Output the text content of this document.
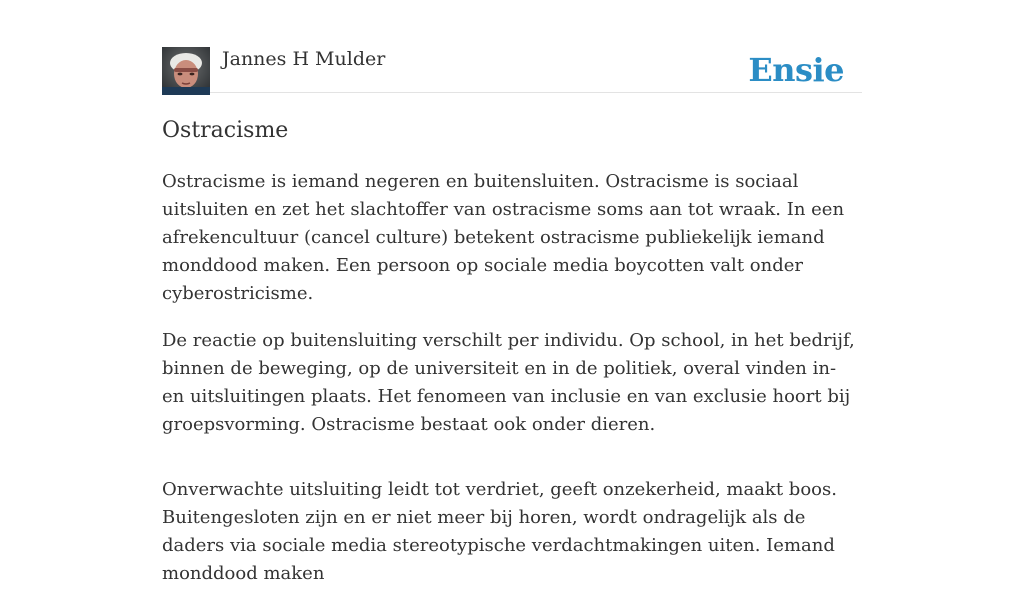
Jannes H Mulder	Ensie
Ostracisme

Ostracisme is iemand negeren en buitensluiten. Ostracisme is sociaal uitsluiten en zet het slachtoffer van ostracisme soms aan tot wraak. In een afrekencultuur (cancel culture) betekent ostracisme publiekelijk iemand monddood maken. Een persoon op sociale media boycotten valt onder cyberostricisme.

De reactie op buitensluiting verschilt per individu. Op school, in het bedrijf, binnen de beweging, op de universiteit en in de politiek, overal vinden in- en uitsluitingen plaats. Het fenomeen van inclusie en van exclusie hoort bij groepsvorming. Ostracisme bestaat ook onder dieren.

Onverwachte uitsluiting leidt tot verdriet, geeft onzekerheid, maakt boos. Buitengesloten zijn en er niet meer bij horen, wordt ondragelijk als de daders via sociale media stereotypische verdachtmakingen uiten. Iemand monddood maken
